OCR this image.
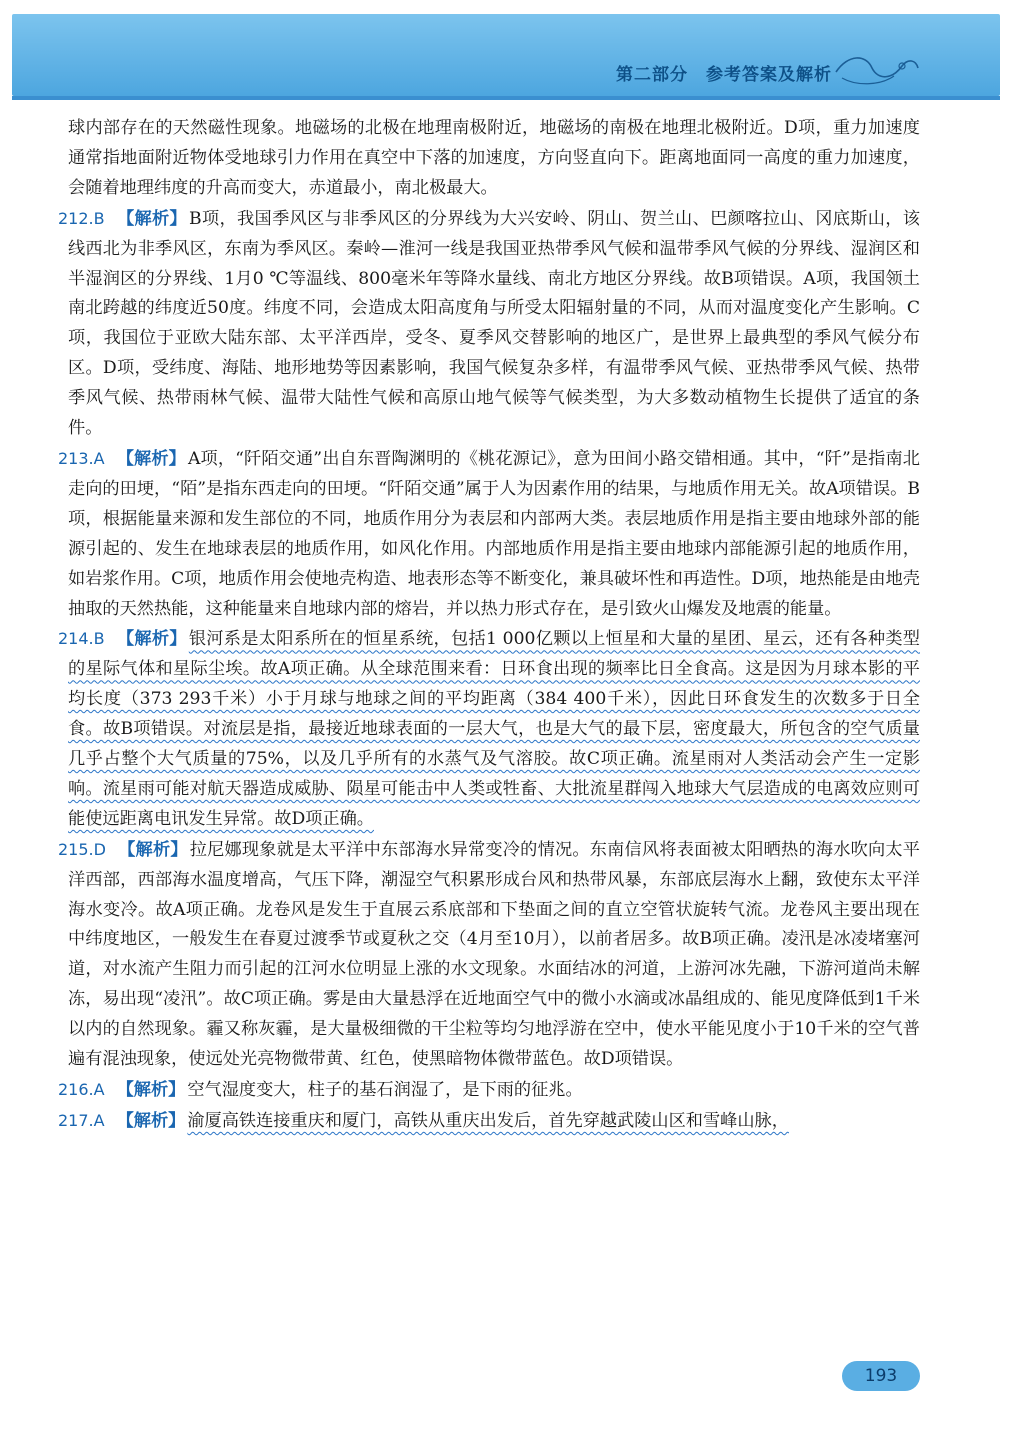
第二部分　参考答案及解析

球内部存在的天然磁性现象。地磁场的北极在地理南极附近，地磁场的南极在地理北极附近。D项，重力加速度通常指地面附近物体受地球引力作用在真空中下落的加速度，方向竖直向下。距离地面同一高度的重力加速度，会随着地理纬度的升高而变大，赤道最小，南北极最大。

212.B 【解析】 B项，我国季风区与非季风区的分界线为大兴安岭、阴山、贺兰山、巴颜喀拉山、冈底斯山，该线西北为非季风区，东南为季风区。秦岭—淮河一线是我国亚热带季风气候和温带季风气候的分界线、湿润区和半湿润区的分界线、1月0 ℃等温线、800毫米年等降水量线、南北方地区分界线。故B项错误。A项，我国领土南北跨越的纬度近50度。纬度不同，会造成太阳高度角与所受太阳辐射量的不同，从而对温度变化产生影响。C项，我国位于亚欧大陆东部、太平洋西岸，受冬、夏季风交替影响的地区广，是世界上最典型的季风气候分布区。D项，受纬度、海陆、地形地势等因素影响，我国气候复杂多样，有温带季风气候、亚热带季风气候、热带季风气候、热带雨林气候、温带大陆性气候和高原山地气候等气候类型，为大多数动植物生长提供了适宜的条件。

213.A 【解析】 A项，“阡陌交通”出自东晋陶渊明的《桃花源记》，意为田间小路交错相通。其中，“阡”是指南北走向的田埂，“陌”是指东西走向的田埂。“阡陌交通”属于人为因素作用的结果，与地质作用无关。故A项错误。B项，根据能量来源和发生部位的不同，地质作用分为表层和内部两大类。表层地质作用是指主要由地球外部的能源引起的、发生在地球表层的地质作用，如风化作用。内部地质作用是指主要由地球内部能源引起的地质作用，如岩浆作用。C项，地质作用会使地壳构造、地表形态等不断变化，兼具破坏性和再造性。D项，地热能是由地壳抽取的天然热能，这种能量来自地球内部的熔岩，并以热力形式存在，是引致火山爆发及地震的能量。

214.B 【解析】 银河系是太阳系所在的恒星系统，包括1 000亿颗以上恒星和大量的星团、星云，还有各种类型的星际气体和星际尘埃。故A项正确。从全球范围来看：日环食出现的频率比日全食高。这是因为月球本影的平均长度（373 293千米）小于月球与地球之间的平均距离（384 400千米），因此日环食发生的次数多于日全食。故B项错误。对流层是指，最接近地球表面的一层大气，也是大气的最下层，密度最大，所包含的空气质量几乎占整个大气质量的75%，以及几乎所有的水蒸气及气溶胶。故C项正确。流星雨对人类活动会产生一定影响。流星雨可能对航天器造成威胁、陨星可能击中人类或牲畜、大批流星群闯入地球大气层造成的电离效应则可能使远距离电讯发生异常。故D项正确。

215.D 【解析】 拉尼娜现象就是太平洋中东部海水异常变冷的情况。东南信风将表面被太阳晒热的海水吹向太平洋西部，西部海水温度增高，气压下降，潮湿空气积累形成台风和热带风暴，东部底层海水上翻，致使东太平洋海水变冷。故A项正确。龙卷风是发生于直展云系底部和下垫面之间的直立空管状旋转气流。龙卷风主要出现在中纬度地区，一般发生在春夏过渡季节或夏秋之交（4月至10月），以前者居多。故B项正确。凌汛是冰凌堵塞河道，对水流产生阻力而引起的江河水位明显上涨的水文现象。水面结冰的河道，上游河冰先融，下游河道尚未解冻，易出现“凌汛”。故C项正确。雾是由大量悬浮在近地面空气中的微小水滴或冰晶组成的、能见度降低到1千米以内的自然现象。霾又称灰霾，是大量极细微的干尘粒等均匀地浮游在空中，使水平能见度小于10千米的空气普遍有混浊现象，使远处光亮物微带黄、红色，使黑暗物体微带蓝色。故D项错误。

216.A 【解析】 空气湿度变大，柱子的基石润湿了，是下雨的征兆。

217.A 【解析】 渝厦高铁连接重庆和厦门，高铁从重庆出发后，首先穿越武陵山区和雪峰山脉，

193
